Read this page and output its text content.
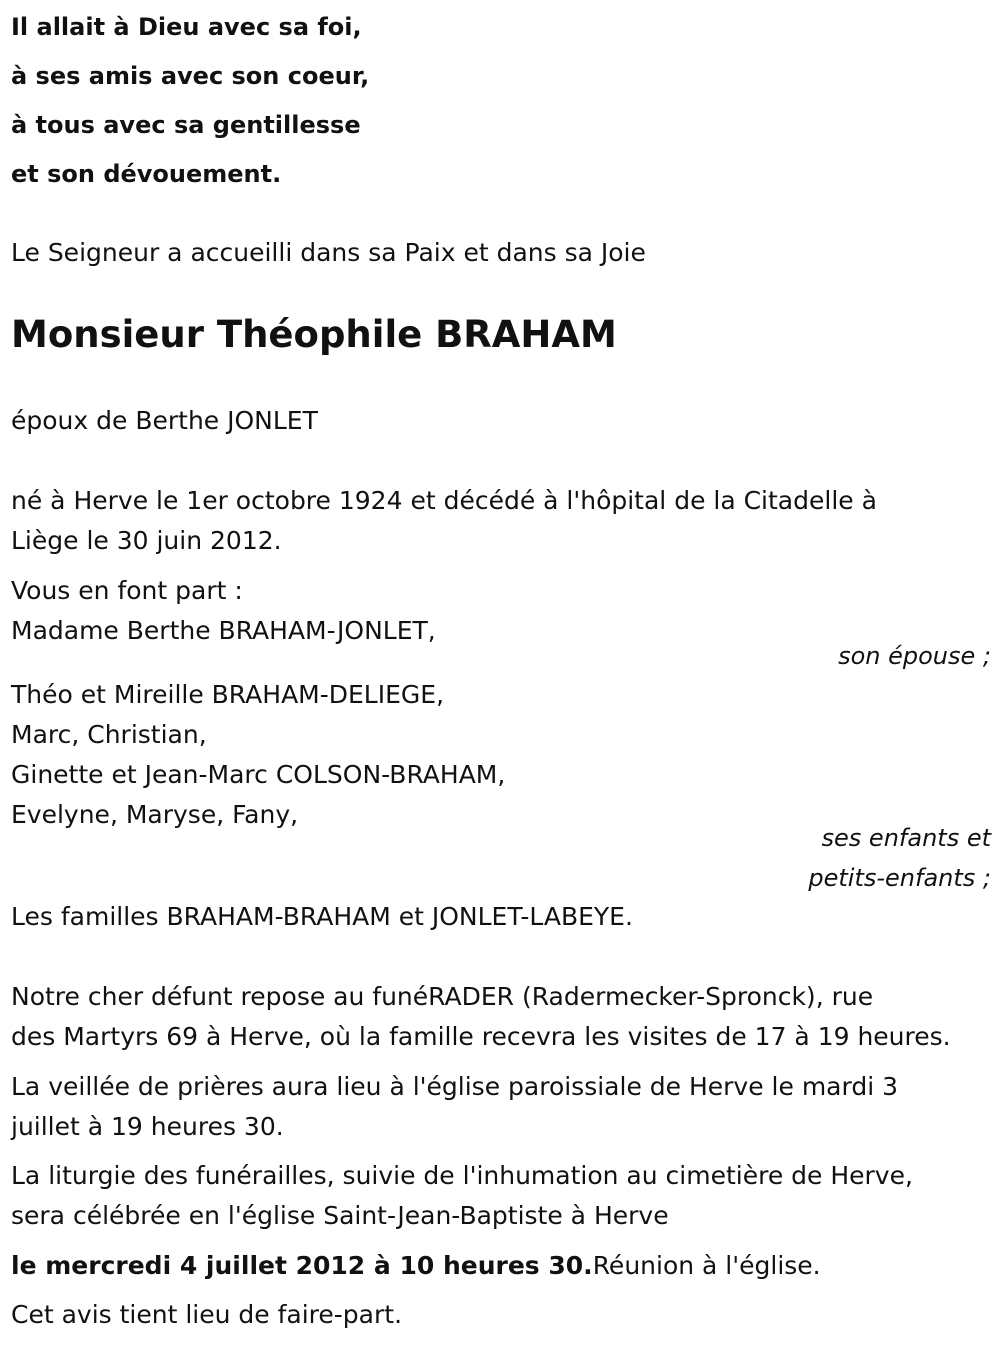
Il allait à Dieu avec sa foi,
à ses amis avec son coeur,
à tous avec sa gentillesse
et son dévouement.
Le Seigneur a accueilli dans sa Paix et dans sa Joie
Monsieur Théophile BRAHAM
époux de Berthe JONLET
né à Herve le 1er octobre 1924 et décédé à l'hôpital de la Citadelle à
Liège le 30 juin 2012.
Vous en font part :
Madame Berthe BRAHAM-JONLET,
son épouse ;
Théo et Mireille BRAHAM-DELIEGE,
Marc, Christian,
Ginette et Jean-Marc COLSON-BRAHAM,
Evelyne, Maryse, Fany,
ses enfants et
petits-enfants ;
Les familles BRAHAM-BRAHAM et JONLET-LABEYE.
Notre cher défunt repose au funéRADER (Radermecker-Spronck), rue
des Martyrs 69 à Herve, où la famille recevra les visites de 17 à 19 heures.
La veillée de prières aura lieu à l'église paroissiale de Herve le mardi 3
juillet à 19 heures 30.
La liturgie des funérailles, suivie de l'inhumation au cimetière de Herve,
sera célébrée en l'église Saint-Jean-Baptiste à Herve
le mercredi 4 juillet 2012 à 10 heures 30.Réunion à l'église.
Cet avis tient lieu de faire-part.
